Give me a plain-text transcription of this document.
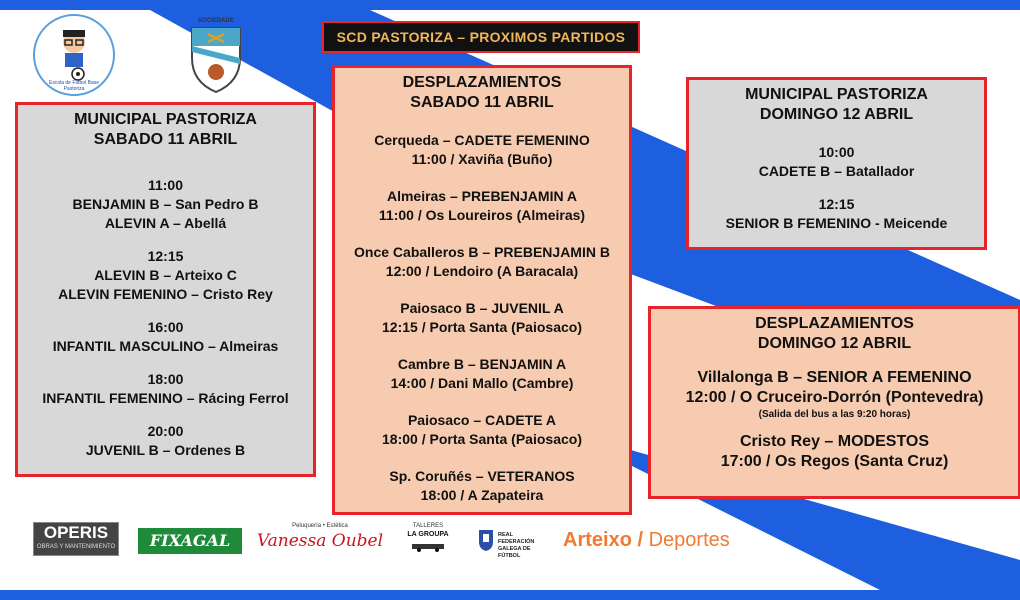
Escola de Fútbol Base Pastoriza
SOCIEDADE
SCD PASTORIZA – PROXIMOS PARTIDOS
MUNICIPAL PASTORIZA
SABADO 11 ABRIL
11:00
BENJAMIN B – San Pedro B
ALEVIN A – Abellá
12:15
ALEVIN B – Arteixo C
ALEVIN FEMENINO – Cristo Rey
16:00
INFANTIL MASCULINO – Almeiras
18:00
INFANTIL FEMENINO – Rácing Ferrol
20:00
JUVENIL B – Ordenes B
DESPLAZAMIENTOS
SABADO 11 ABRIL
Cerqueda – CADETE FEMENINO
11:00 / Xaviña (Buño)
Almeiras – PREBENJAMIN A
11:00 / Os Loureiros (Almeiras)
Once Caballeros B – PREBENJAMIN B
12:00 / Lendoiro (A Baracala)
Paiosaco B – JUVENIL A
12:15 / Porta Santa (Paiosaco)
Cambre B – BENJAMIN A
14:00 / Dani Mallo (Cambre)
Paiosaco – CADETE A
18:00 / Porta Santa (Paiosaco)
Sp. Coruñés – VETERANOS
18:00 / A Zapateira
MUNICIPAL PASTORIZA
DOMINGO 12 ABRIL
10:00
CADETE B – Batallador
12:15
SENIOR B FEMENINO - Meicende
DESPLAZAMIENTOS
DOMINGO 12 ABRIL
Villalonga B – SENIOR A FEMENINO
12:00 / O Cruceiro-Dorrón (Pontevedra)
(Salida del bus a las 9:20 horas)
Cristo Rey – MODESTOS
17:00 / Os Regos (Santa Cruz)
OPERIS
OBRAS Y MANTENIMIENTO	FIXAGAL
Peluquería • Estética
Vanessa Oubel
TALLERES
LA GROUPA	REAL FEDERACIÓN GALEGA DE FÚTBOL
Arteixo / Deportes
